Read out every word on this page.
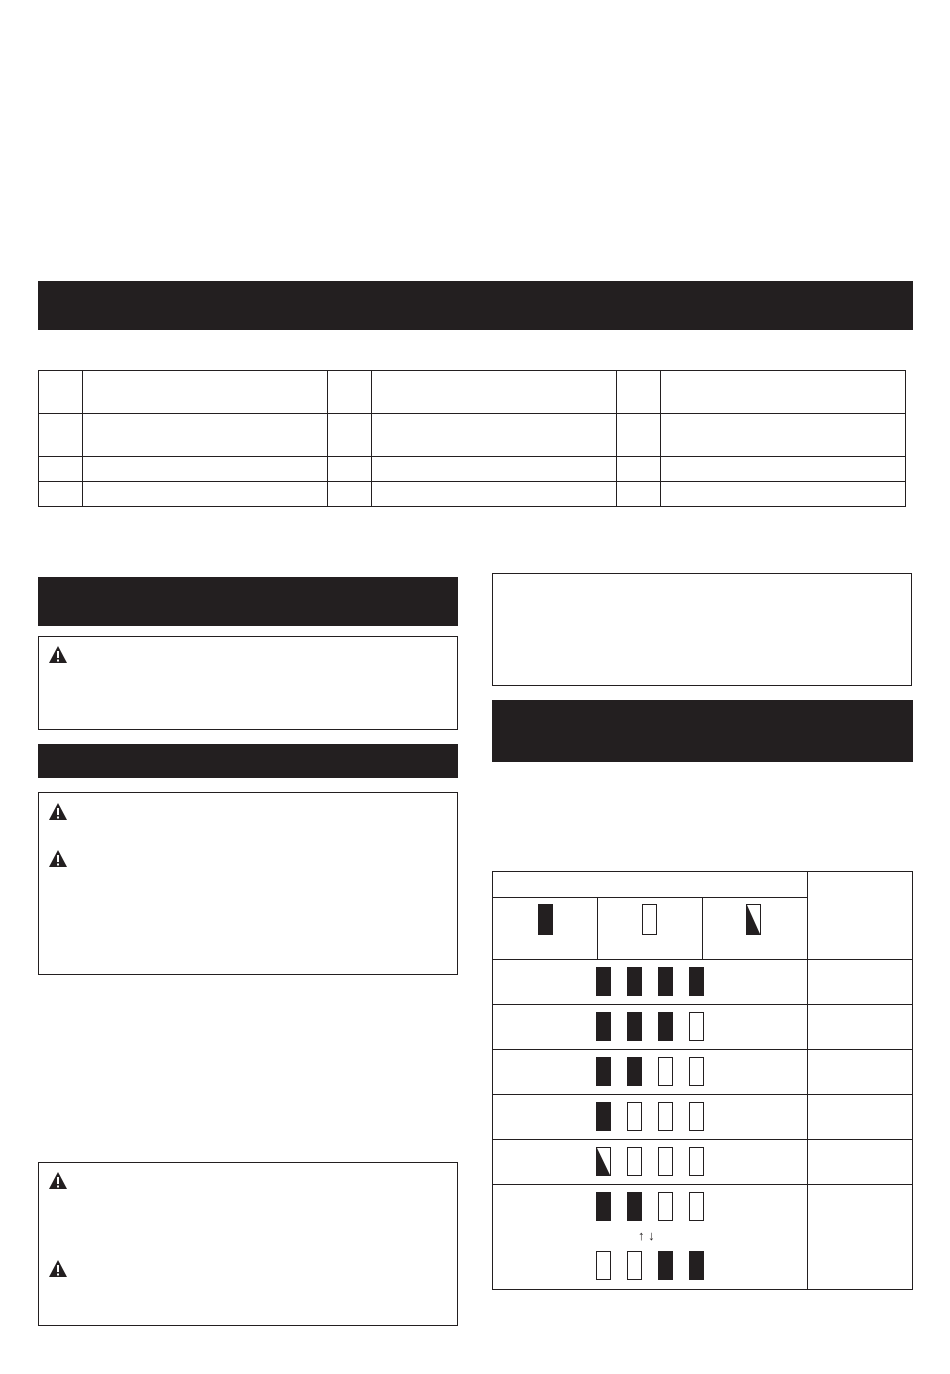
↑ ↓			
